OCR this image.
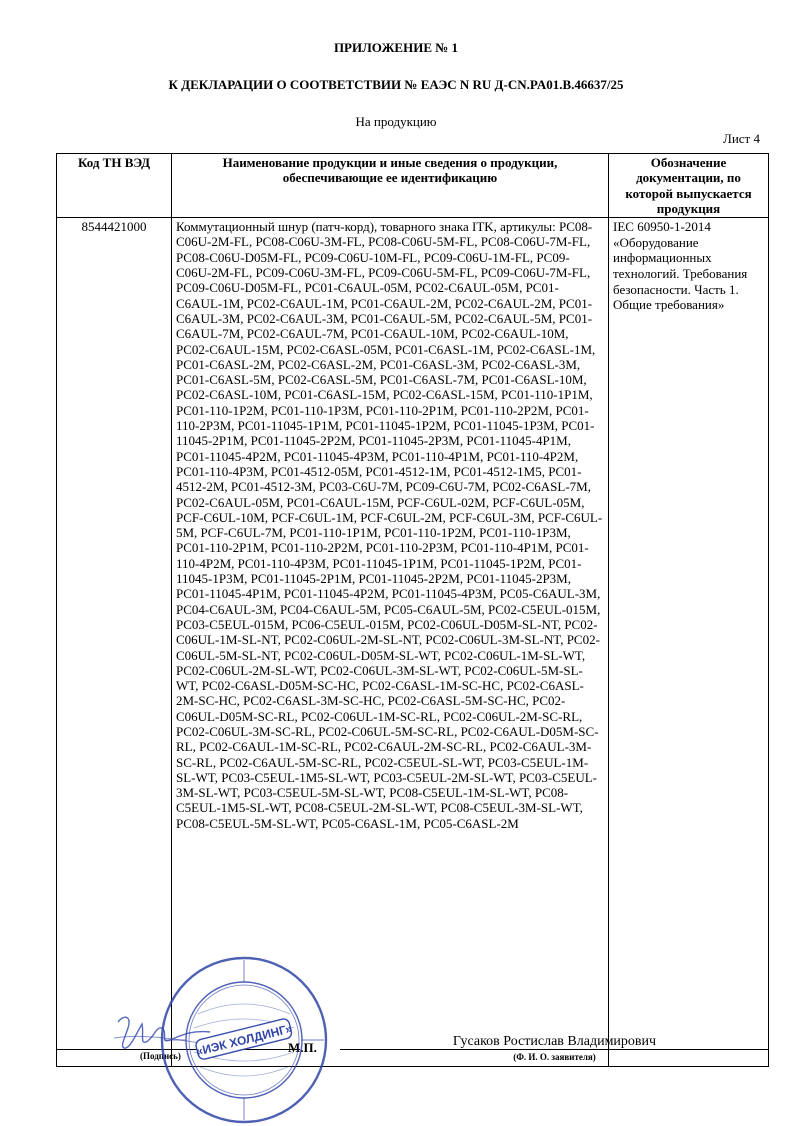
ПРИЛОЖЕНИЕ № 1
К ДЕКЛАРАЦИИ О СООТВЕТСТВИИ № ЕАЭС N RU Д-CN.PA01.B.46637/25
На продукцию
Лист 4
Код ТН ВЭД	Наименование продукции и иные сведения о продукции, обеспечивающие ее идентификацию	Обозначение документации, по которой выпускается продукция
8544421000	Коммутационный шнур (патч-корд), товарного знака ITK, артикулы: PC08-C06U-2M-FL, PC08-C06U-3M-FL, PC08-C06U-5M-FL, PC08-C06U-7M-FL, PC08-C06U-D05M-FL, PC09-C06U-10M-FL, PC09-C06U-1M-FL, PC09-C06U-2M-FL, PC09-C06U-3M-FL, PC09-C06U-5M-FL, PC09-C06U-7M-FL, PC09-C06U-D05M-FL, PC01-C6AUL-05M, PC02-C6AUL-05M, PC01-C6AUL-1M, PC02-C6AUL-1M, PC01-C6AUL-2M, PC02-C6AUL-2M, PC01-C6AUL-3M, PC02-C6AUL-3M, PC01-C6AUL-5M, PC02-C6AUL-5M, PC01-C6AUL-7M, PC02-C6AUL-7M, PC01-C6AUL-10M, PC02-C6AUL-10M, PC02-C6AUL-15M, PC02-C6ASL-05M, PC01-C6ASL-1M, PC02-C6ASL-1M, PC01-C6ASL-2M, PC02-C6ASL-2M, PC01-C6ASL-3M, PC02-C6ASL-3M, PC01-C6ASL-5M, PC02-C6ASL-5M, PC01-C6ASL-7M, PC01-C6ASL-10M, PC02-C6ASL-10M, PC01-C6ASL-15M, PC02-C6ASL-15M, PC01-110-1P1M, PC01-110-1P2M, PC01-110-1P3M, PC01-110-2P1M, PC01-110-2P2M, PC01-110-2P3M, PC01-11045-1P1M, PC01-11045-1P2M, PC01-11045-1P3M, PC01-11045-2P1M, PC01-11045-2P2M, PC01-11045-2P3M, PC01-11045-4P1M, PC01-11045-4P2M, PC01-11045-4P3M, PC01-110-4P1M, PC01-110-4P2M, PC01-110-4P3M, PC01-4512-05M, PC01-4512-1M, PC01-4512-1M5, PC01-4512-2M, PC01-4512-3M, PC03-C6U-7M, PC09-C6U-7M, PC02-C6ASL-7M, PC02-C6AUL-05M, PC01-C6AUL-15M, PCF-C6UL-02M, PCF-C6UL-05M, PCF-C6UL-10M, PCF-C6UL-1M, PCF-C6UL-2M, PCF-C6UL-3M, PCF-C6UL-5M, PCF-C6UL-7M, PC01-110-1P1M, PC01-110-1P2M, PC01-110-1P3M, PC01-110-2P1M, PC01-110-2P2M, PC01-110-2P3M, PC01-110-4P1M, PC01-110-4P2M, PC01-110-4P3M, PC01-11045-1P1M, PC01-11045-1P2M, PC01-11045-1P3M, PC01-11045-2P1M, PC01-11045-2P2M, PC01-11045-2P3M, PC01-11045-4P1M, PC01-11045-4P2M, PC01-11045-4P3M, PC05-C6AUL-3M, PC04-C6AUL-3M, PC04-C6AUL-5M, PC05-C6AUL-5M, PC02-C5EUL-015M, PC03-C5EUL-015M, PC06-C5EUL-015M, PC02-C06UL-D05M-SL-NT, PC02-C06UL-1M-SL-NT, PC02-C06UL-2M-SL-NT, PC02-C06UL-3M-SL-NT, PC02-C06UL-5M-SL-NT, PC02-C06UL-D05M-SL-WT, PC02-C06UL-1M-SL-WT, PC02-C06UL-2M-SL-WT, PC02-C06UL-3M-SL-WT, PC02-C06UL-5M-SL-WT, PC02-C6ASL-D05M-SC-HC, PC02-C6ASL-1M-SC-HC, PC02-C6ASL-2M-SC-HC, PC02-C6ASL-3M-SC-HC, PC02-C6ASL-5M-SC-HC, PC02-C06UL-D05M-SC-RL, PC02-C06UL-1M-SC-RL, PC02-C06UL-2M-SC-RL, PC02-C06UL-3M-SC-RL, PC02-C06UL-5M-SC-RL, PC02-C6AUL-D05M-SC-RL, PC02-C6AUL-1M-SC-RL, PC02-C6AUL-2M-SC-RL, PC02-C6AUL-3M-SC-RL, PC02-C6AUL-5M-SC-RL, PC02-C5EUL-SL-WT, PC03-C5EUL-1M-SL-WT, PC03-C5EUL-1M5-SL-WT, PC03-C5EUL-2M-SL-WT, PC03-C5EUL-3M-SL-WT, PC03-C5EUL-5M-SL-WT, PC08-C5EUL-1M-SL-WT, PC08-C5EUL-1M5-SL-WT, PC08-C5EUL-2M-SL-WT, PC08-C5EUL-3M-SL-WT, PC08-C5EUL-5M-SL-WT, PC05-C6ASL-1M, PC05-C6ASL-2M	IEC 60950-1-2014 «Оборудование информационных технологий. Требования безопасности. Часть 1. Общие требования»
(Подпись)
М.П.	Гусаков Ростислав Владимирович
(Ф. И. О. заявителя)
«ИЭК ХОЛДИНГ»
